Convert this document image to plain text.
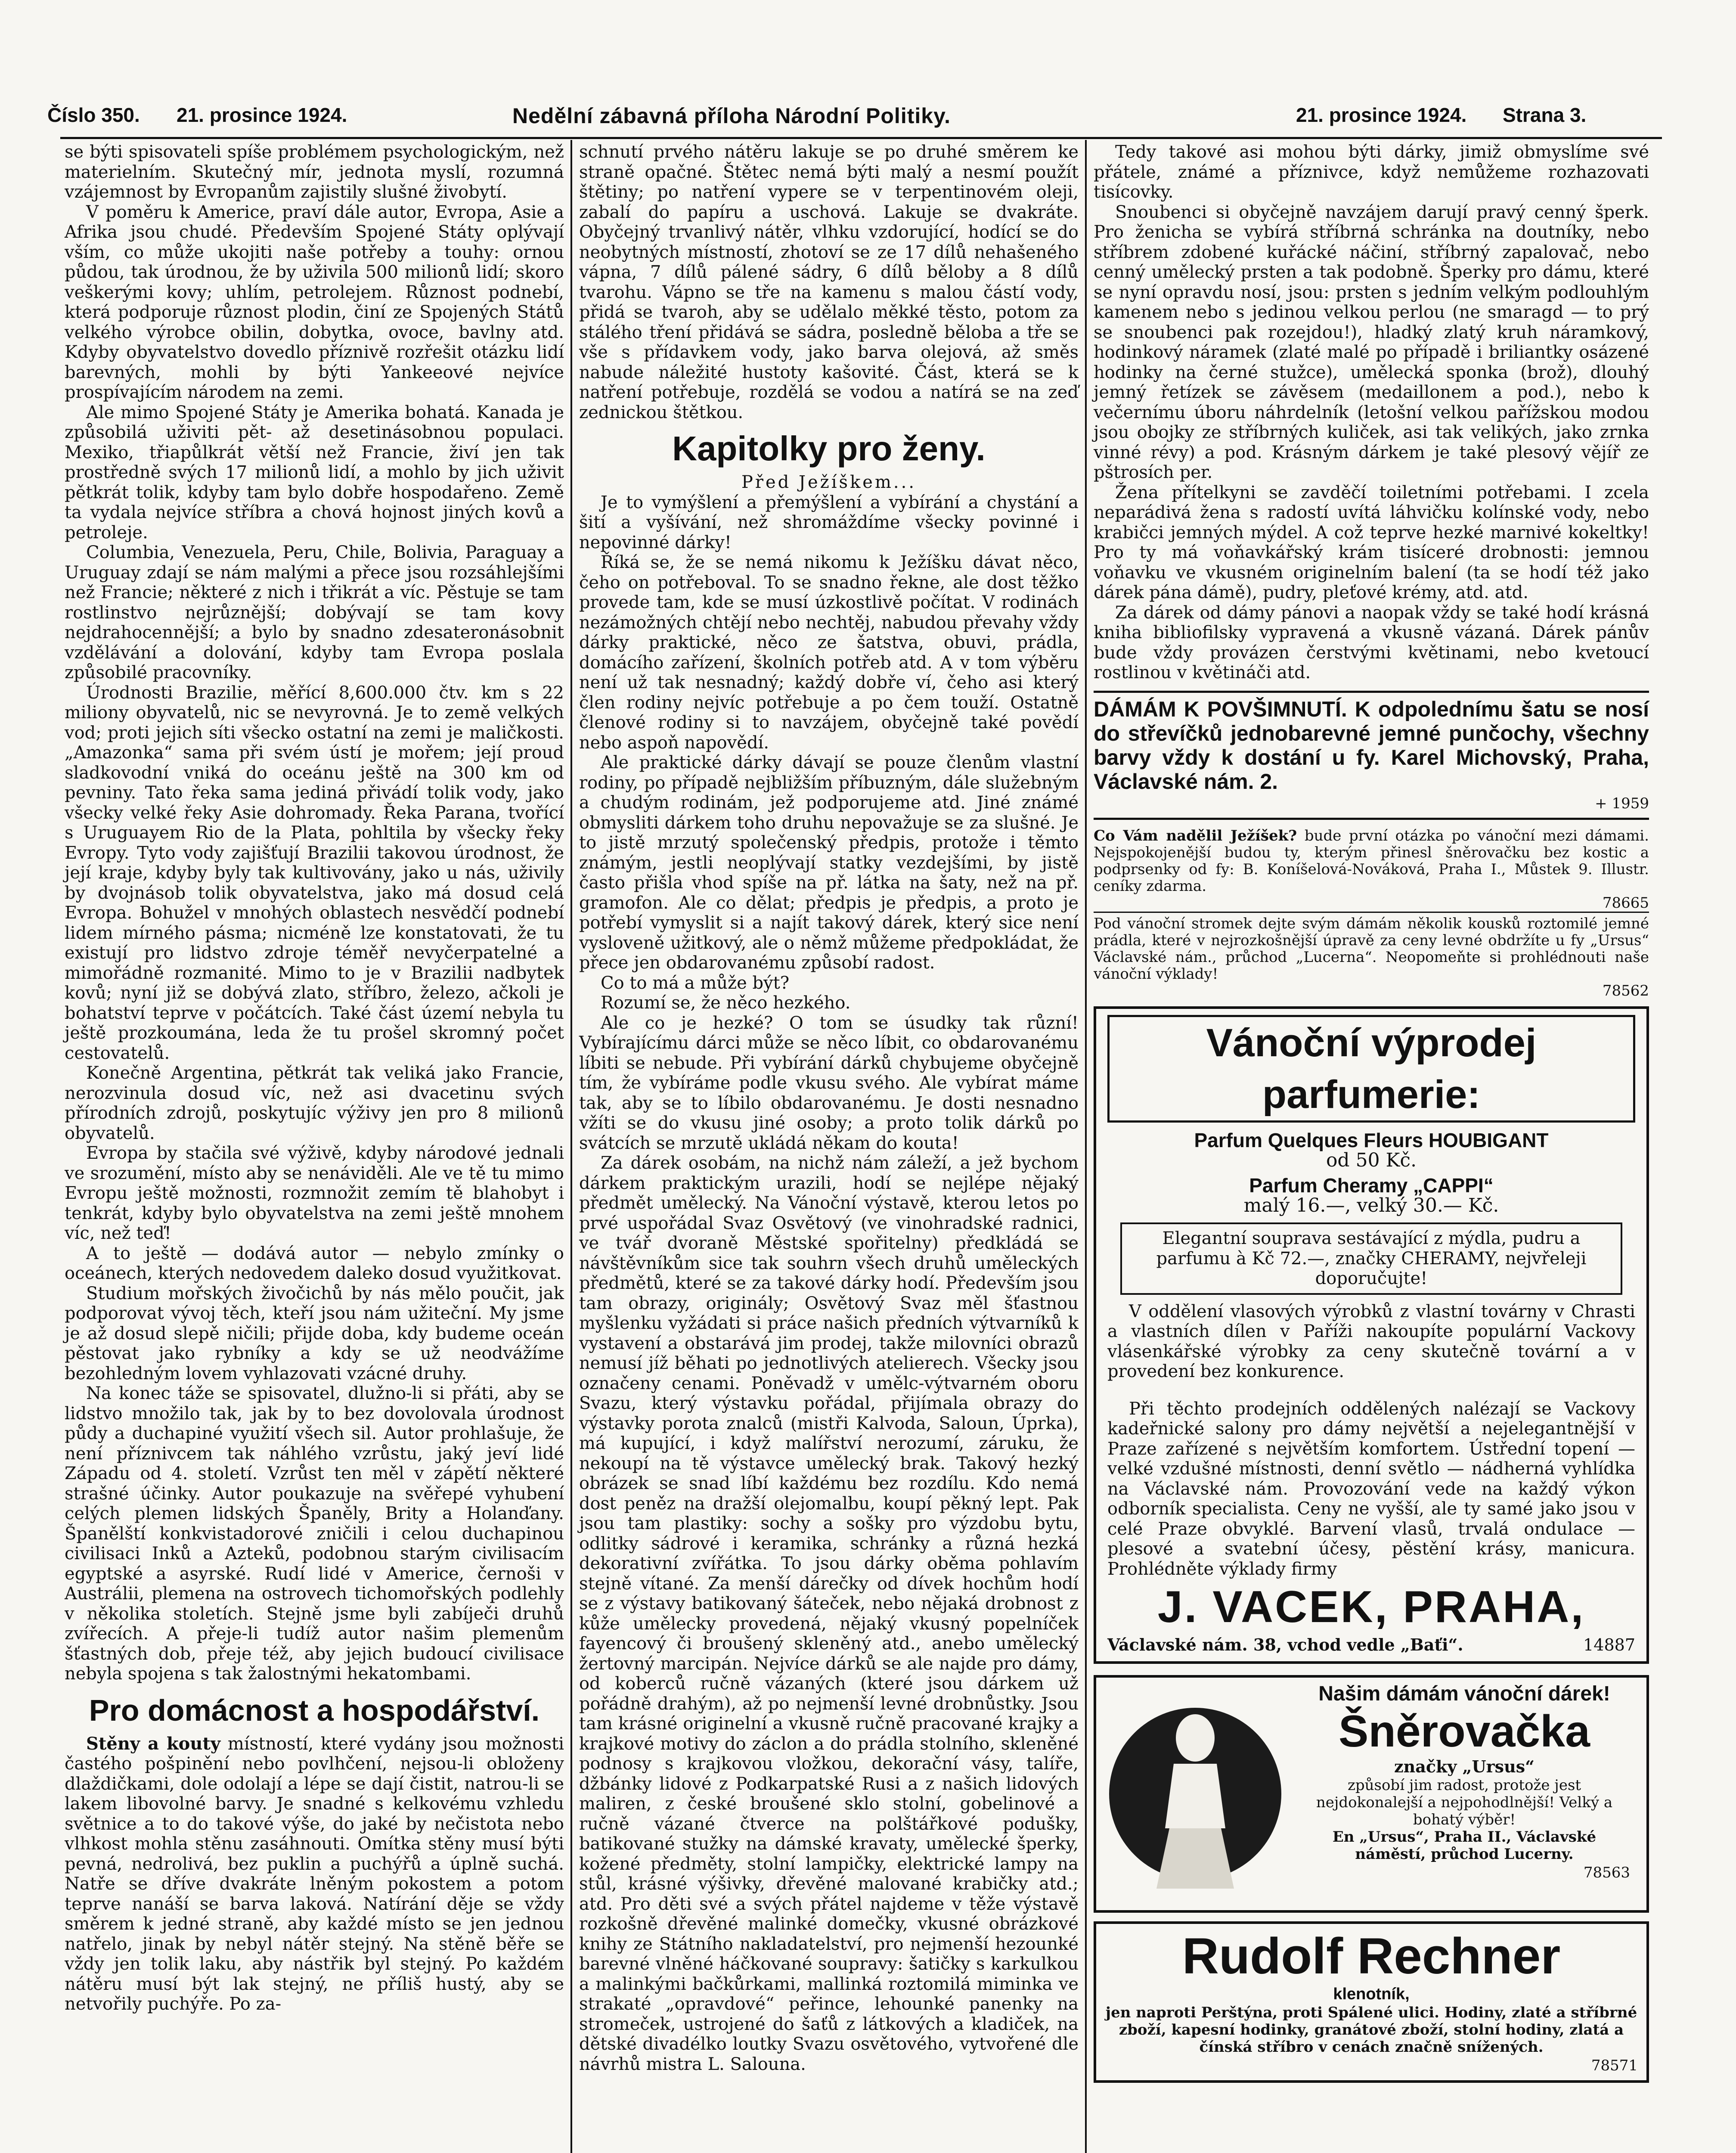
Číslo 350. 21. prosince 1924.	Nedělní zábavná příloha Národní Politiky.	21. prosince 1924. Strana 3.

se býti spisovateli spíše problémem psychologickým, než materielním. Skutečný mír, jednota myslí, rozumná vzájemnost by Evropanům zajistily slušné živobytí.

V poměru k Americe, praví dále autor, Evropa, Asie a Afrika jsou chudé. Především Spojené Státy oplývají vším, co může ukojiti naše potřeby a touhy: ornou půdou, tak úrodnou, že by uživila 500 milionů lidí; skoro veškerými kovy; uhlím, petrolejem. Různost podnebí, která podporuje různost plodin, činí ze Spojených Států velkého výrobce obilin, dobytka, ovoce, bavlny atd. Kdyby obyvatelstvo dovedlo příznivě rozřešit otázku lidí barevných, mohli by býti Yankeeové nejvíce prospívajícím národem na zemi.

Ale mimo Spojené Státy je Amerika bohatá. Kanada je způsobilá uživiti pět- až desetinásobnou populaci. Mexiko, třiapůlkrát větší než Francie, živí jen tak prostředně svých 17 milionů lidí, a mohlo by jich uživit pětkrát tolik, kdyby tam bylo dobře hospodařeno. Země ta vydala nejvíce stříbra a chová hojnost jiných kovů a petroleje.

Columbia, Venezuela, Peru, Chile, Bolivia, Paraguay a Uruguay zdají se nám malými a přece jsou rozsáhlejšími než Francie; některé z nich i třikrát a víc. Pěstuje se tam rostlinstvo nejrůznější; dobývají se tam kovy nejdrahocennější; a bylo by snadno zdesateronásobnit vzdělávání a dolování, kdyby tam Evropa poslala způsobilé pracovníky.

Úrodnosti Brazilie, měřící 8,600.000 čtv. km s 22 miliony obyvatelů, nic se nevyrovná. Je to země velkých vod; proti jejich síti všecko ostatní na zemi je maličkosti. „Amazonka“ sama při svém ústí je mořem; její proud sladkovodní vniká do oceánu ještě na 300 km od pevniny. Tato řeka sama jediná přivádí tolik vody, jako všecky velké řeky Asie dohromady. Řeka Parana, tvořící s Uruguayem Rio de la Plata, pohltila by všecky řeky Evropy. Tyto vody zajišťují Brazilii takovou úrodnost, že její kraje, kdyby byly tak kultivovány, jako u nás, uživily by dvojnásob tolik obyvatelstva, jako má dosud celá Evropa. Bohužel v mnohých oblastech nesvědčí podnebí lidem mírného pásma; nicméně lze konstatovati, že tu existují pro lidstvo zdroje téměř nevyčerpatelné a mimořádně rozmanité. Mimo to je v Brazilii nadbytek kovů; nyní již se dobývá zlato, stříbro, železo, ačkoli je bohatství teprve v počátcích. Také část území nebyla tu ještě prozkoumána, leda že tu prošel skromný počet cestovatelů.

Konečně Argentina, pětkrát tak veliká jako Francie, nerozvinula dosud víc, než asi dvacetinu svých přírodních zdrojů, poskytujíc výživy jen pro 8 milionů obyvatelů.

Evropa by stačila své výživě, kdyby národové jednali ve srozumění, místo aby se nenáviděli. Ale ve tě tu mimo Evropu ještě možnosti, rozmnožit zemím tě blahobyt i tenkrát, kdyby bylo obyvatelstva na zemi ještě mnohem víc, než teď!

A to ještě — dodává autor — nebylo zmínky o oceánech, kterých nedovedem daleko dosud využitkovat.

Studium mořských živočichů by nás mělo poučit, jak podporovat vývoj těch, kteří jsou nám užiteční. My jsme je až dosud slepě ničili; přijde doba, kdy budeme oceán pěstovat jako rybníky a kdy se už neodvážíme bezohledným lovem vyhlazovati vzácné druhy.

Na konec táže se spisovatel, dlužno-li si přáti, aby se lidstvo množilo tak, jak by to bez dovolovala úrodnost půdy a duchapiné využití všech sil. Autor prohlašuje, že není příznivcem tak náhlého vzrůstu, jaký jeví lidé Západu od 4. století. Vzrůst ten měl v zápětí některé strašné účinky. Autor poukazuje na svěřepé vyhubení celých plemen lidských Španěly, Brity a Holanďany. Španělští konkvistadorové zničili i celou duchapinou civilisaci Inků a Azteků, podobnou starým civilisacím egyptské a asyrské. Rudí lidé v Americe, černoši v Austrálii, plemena na ostrovech tichomořských podlehly v několika stoletích. Stejně jsme byli zabíječi druhů zvířecích. A přeje-li tudíž autor našim plemenům šťastných dob, přeje též, aby jejich budoucí civilisace nebyla spojena s tak žalostnými hekatombami.

Pro domácnost a hospodářství.

Stěny a kouty místností, které vydány jsou možnosti častého pošpinění nebo povlhčení, nejsou-li obloženy dlaždičkami, dole odolají a lépe se dají čistit, natrou-li se lakem libovolné barvy. Je snadné s kelkovému vzhledu světnice a to do takové výše, do jaké by nečistota nebo vlhkost mohla stěnu zasáhnouti. Omítka stěny musí býti pevná, nedrolivá, bez puklin a puchýřů a úplně suchá. Natře se dříve dvakráte lněným pokostem a potom teprve nanáší se barva laková. Natírání děje se vždy směrem k jedné straně, aby každé místo se jen jednou natřelo, jinak by nebyl nátěr stejný. Na stěně běře se vždy jen tolik laku, aby nástřik byl stejný. Po každém nátěru musí být lak stejný, ne příliš hustý, aby se netvořily puchýře. Po za-

schnutí prvého nátěru lakuje se po druhé směrem ke straně opačné. Štětec nemá býti malý a nesmí použít štětiny; po natření vypere se v terpentinovém oleji, zabalí do papíru a uschová. Lakuje se dvakráte. Obyčejný trvanlivý nátěr, vlhku vzdorující, hodící se do neobytných místností, zhotoví se ze 17 dílů nehašeného vápna, 7 dílů pálené sádry, 6 dílů běloby a 8 dílů tvarohu. Vápno se tře na kamenu s malou částí vody, přidá se tvaroh, aby se udělalo měkké těsto, potom za stálého tření přidává se sádra, posledně běloba a tře se vše s přídavkem vody, jako barva olejová, až směs nabude náležité hustoty kašovité. Část, která se k natření potřebuje, rozdělá se vodou a natírá se na zeď zednickou štětkou.

Kapitolky pro ženy.

Před Ježíškem...

Je to vymýšlení a přemýšlení a vybírání a chystání a šití a vyšívání, než shromáždíme všecky povinné i nepovinné dárky!

Říká se, že se nemá nikomu k Ježíšku dávat něco, čeho on potřeboval. To se snadno řekne, ale dost těžko provede tam, kde se musí úzkostlivě počítat. V rodinách nezámožných chtějí nebo nechtěj, nabudou převahy vždy dárky praktické, něco ze šatstva, obuvi, prádla, domácího zařízení, školních potřeb atd. A v tom výběru není už tak nesnadný; každý dobře ví, čeho asi který člen rodiny nejvíc potřebuje a po čem touží. Ostatně členové rodiny si to navzájem, obyčejně také povědí nebo aspoň napovědí.

Ale praktické dárky dávají se pouze členům vlastní rodiny, po případě nejbližším příbuzným, dále služebným a chudým rodinám, jež podporujeme atd. Jiné známé obmysliti dárkem toho druhu nepovažuje se za slušné. Je to jistě mrzutý společenský předpis, protože i těmto známým, jestli neoplývají statky vezdejšími, by jistě často přišla vhod spíše na př. látka na šaty, než na př. gramofon. Ale co dělat; předpis je předpis, a proto je potřebí vymyslit si a najít takový dárek, který sice není vysloveně užitkový, ale o němž můžeme předpokládat, že přece jen obdarovanému způsobí radost.

Co to má a může být?

Rozumí se, že něco hezkého.

Ale co je hezké? O tom se úsudky tak různí! Vybírajícímu dárci může se něco líbit, co obdarovanému líbiti se nebude. Při vybírání dárků chybujeme obyčejně tím, že vybíráme podle vkusu svého. Ale vybírat máme tak, aby se to líbilo obdarovanému. Je dosti nesnadno vžíti se do vkusu jiné osoby; a proto tolik dárků po svátcích se mrzutě ukládá někam do kouta!

Za dárek osobám, na nichž nám záleží, a jež bychom dárkem praktickým urazili, hodí se nejlépe nějaký předmět umělecký. Na Vánoční výstavě, kterou letos po prvé uspořádal Svaz Osvětový (ve vinohradské radnici, ve tvář dvoraně Městské spořitelny) předkládá se návštěvníkům sice tak souhrn všech druhů uměleckých předmětů, které se za takové dárky hodí. Především jsou tam obrazy, originály; Osvětový Svaz měl šťastnou myšlenku vyžádati si práce našich předních výtvarníků k vystavení a obstarává jim prodej, takže milovníci obrazů nemusí jíž běhati po jednotlivých atelierech. Všecky jsou označeny cenami. Poněvadž v umělc-výtvarném oboru Svazu, který výstavku pořádal, přijímala obrazy do výstavky porota znalců (mistři Kalvoda, Saloun, Úprka), má kupující, i když malířství nerozumí, záruku, že nekoupí na tě výstavce umělecký brak. Takový hezký obrázek se snad líbí každému bez rozdílu. Kdo nemá dost peněz na dražší olejomalbu, koupí pěkný lept. Pak jsou tam plastiky: sochy a sošky pro výzdobu bytu, odlitky sádrové i keramika, schránky a různá hezká dekorativní zvířátka. To jsou dárky oběma pohlavím stejně vítané. Za menší dárečky od dívek hochům hodí se z výstavy batikovaný šáteček, nebo nějaká drobnost z kůže umělecky provedená, nějaký vkusný popelníček fayencový či broušený skleněný atd., anebo umělecký žertovný marcipán. Nejvíce dárků se ale najde pro dámy, od koberců ručně vázaných (které jsou dárkem už pořádně drahým), až po nejmenší levné drobnůstky. Jsou tam krásné originelní a vkusně ručně pracované krajky a krajkové motivy do záclon a do prádla stolního, skleněné podnosy s krajkovou vložkou, dekorační vásy, talíře, džbánky lidové z Podkarpatské Rusi a z našich lidových maliren, z české broušené sklo stolní, gobelinové a ručně vázané čtverce na polštářkové podušky, batikované stužky na dámské kravaty, umělecké šperky, kožené předměty, stolní lampičky, elektrické lampy na stůl, krásné výšivky, dřevěné malované krabičky atd.; atd. Pro děti své a svých přátel najdeme v těže výstavě rozkošně dřevěné malinké domečky, vkusné obrázkové knihy ze Státního nakladatelství, pro nejmenší hezounké barevné vlněné háčkované soupravy: šatičky s karkulkou a malinkými bačkůrkami, mallinká roztomilá miminka ve strakaté „opravdové“ peřince, lehounké panenky na stromeček, ustrojené do šaťů z látkových a kladiček, na dětské divadélko loutky Svazu osvětového, vytvořené dle návrhů mistra L. Salouna.

Tedy takové asi mohou býti dárky, jimiž obmyslíme své přátele, známé a příznivce, když nemůžeme rozhazovati tisícovky.

Snoubenci si obyčejně navzájem darují pravý cenný šperk. Pro ženicha se vybírá stříbrná schránka na doutníky, nebo stříbrem zdobené kuřácké náčiní, stříbrný zapalovač, nebo cenný umělecký prsten a tak podobně. Šperky pro dámu, které se nyní opravdu nosí, jsou: prsten s jedním velkým podlouhlým kamenem nebo s jedinou velkou perlou (ne smaragd — to prý se snoubenci pak rozejdou!), hladký zlatý kruh náramkový, hodinkový náramek (zlaté malé po případě i briliantky osázené hodinky na černé stužce), umělecká sponka (brož), dlouhý jemný řetízek se závěsem (medaillonem a pod.), nebo k večernímu úboru náhrdelník (letošní velkou pařížskou modou jsou obojky ze stříbrných kuliček, asi tak velikých, jako zrnka vinné révy) a pod. Krásným dárkem je také plesový vějíř ze pštrosích per.

Žena přítelkyni se zavděčí toiletními potřebami. I zcela neparádivá žena s radostí uvítá láhvičku kolínské vody, nebo krabičci jemných mýdel. A což teprve hezké marnivé kokeltky! Pro ty má voňavkářský krám tisíceré drobnosti: jemnou voňavku ve vkusném originelním balení (ta se hodí též jako dárek pána dámě), pudry, pleťové krémy, atd. atd.

Za dárek od dámy pánovi a naopak vždy se také hodí krásná kniha bibliofilsky vypravená a vkusně vázaná. Dárek pánův bude vždy provázen čerstvými květinami, nebo kvetoucí rostlinou v květináči atd.

DÁMÁM K POVŠIMNUTÍ. K odpolednímu šatu se nosí do střevíčků jednobarevné jemné punčochy, všechny barvy vždy k dostání u fy. Karel Michovský, Praha, Václavské nám. 2.

+ 1959

Co Vám nadělil Ježíšek? bude první otázka po vánoční mezi dámami. Nejspokojenější budou ty, kterým přinesl šněrovačku bez kostic a podprsenky od fy: B. Koníšelová-Nováková, Praha I., Můstek 9. Illustr. ceníky zdarma.

78665

Pod vánoční stromek dejte svým dámám několik kousků roztomilé jemné prádla, které v nejrozkošnější úpravě za ceny levné obdržíte u fy „Ursus“ Václavské nám., průchod „Lucerna“. Neopomeňte si prohlédnouti naše vánoční výklady!

78562

Vánoční výprodej parfumerie:

Parfum Quelques Fleurs HOUBIGANT

od 50 Kč.

Parfum Cheramy „CAPPI“

malý 16.—, velký 30.— Kč.

Elegantní souprava sestávající z mýdla, pudru a parfumu à Kč 72.—, značky CHERAMY, nejvřeleji doporučujte!

V oddělení vlasových výrobků z vlastní továrny v Chrasti a vlastních dílen v Paříži nakoupíte populární Vackovy vlásenkářské výrobky za ceny skutečně tovární a v provedení bez konkurence.

Při těchto prodejních oddělených nalézají se Vackovy kadeřnické salony pro dámy největší a nejelegantnější v Praze zařízené s největším komfortem. Ústřední topení — velké vzdušné místnosti, denní světlo — nádherná vyhlídka na Václavské nám. Provozování vede na každý výkon odborník specialista. Ceny ne vyšší, ale ty samé jako jsou v celé Praze obvyklé. Barvení vlasů, trvalá ondulace — plesové a svatební účesy, pěstění krásy, manicura. Prohlédněte výklady firmy

J. VACEK, PRAHA,

Václavské nám. 38, vchod vedle „Baťi“.	14887

Našim dámám vánoční dárek!

Šněrovačka

značky „Ursus“

způsobí jim radost, protože jest nejdokonalejší a nejpohodlnější! Velký a bohatý výběr!

En „Ursus“, Praha II., Václavské náměstí, průchod Lucerny.

78563

Rudolf Rechner

klenotník,

jen naproti Perštýna, proti Spálené ulici. Hodiny, zlaté a stříbrné zboží, kapesní hodinky, granátové zboží, stolní hodiny, zlatá a čínská stříbro v cenách značně snížených.

78571
